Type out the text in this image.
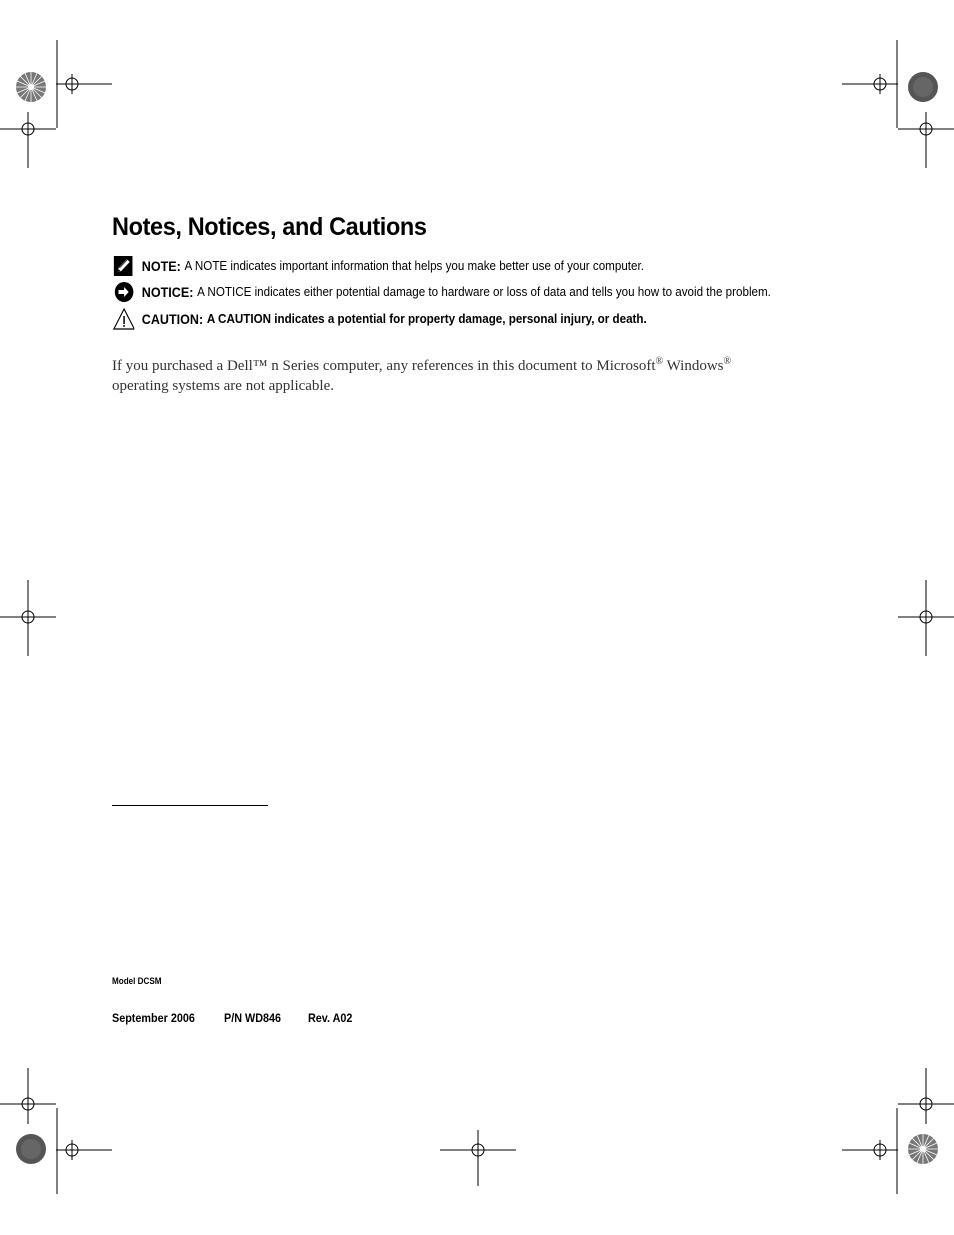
Notes, Notices, and Cautions
NOTE: A NOTE indicates important information that helps you make better use of your computer.
NOTICE: A NOTICE indicates either potential damage to hardware or loss of data and tells you how to avoid the problem.
CAUTION: A CAUTION indicates a potential for property damage, personal injury, or death.
If you purchased a Dell™ n Series computer, any references in this document to Microsoft® Windows®
operating systems are not applicable.
Model DCSM
September 2006 P/N WD846 Rev. A02
